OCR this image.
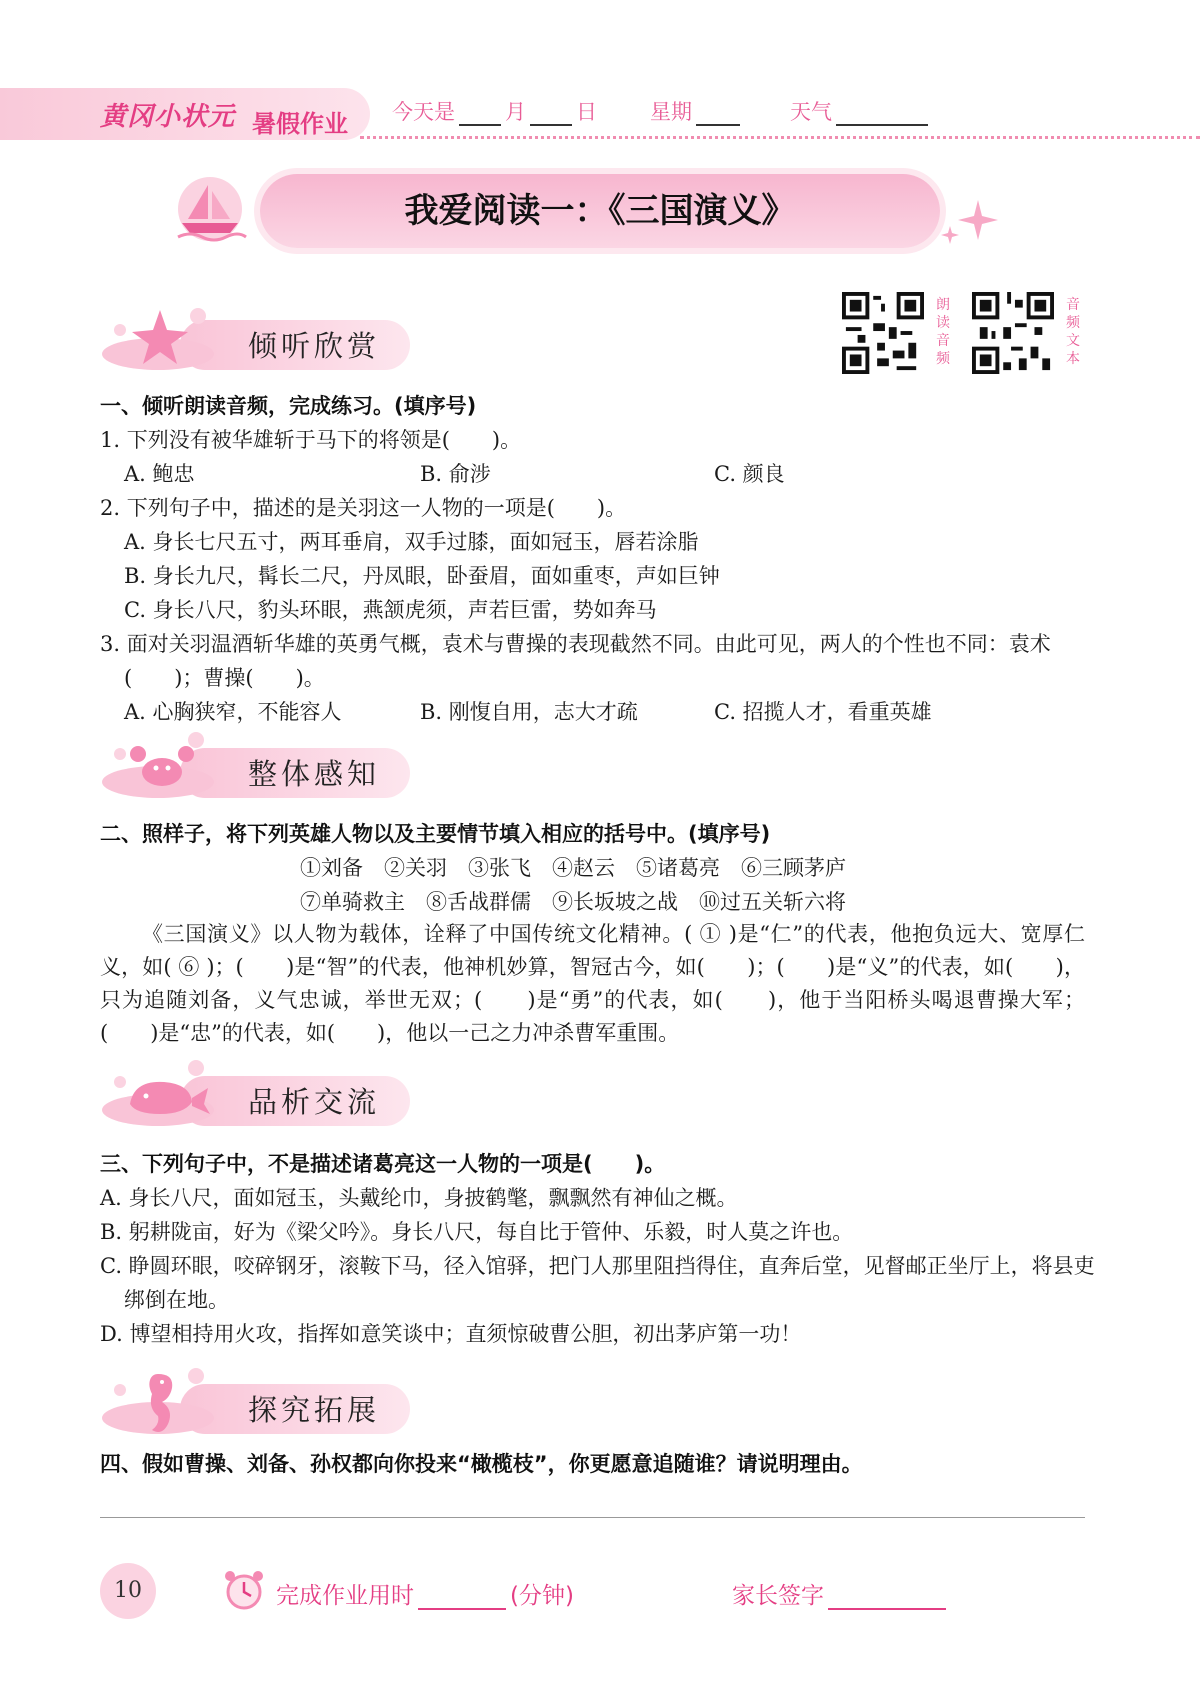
黄冈小状元 暑假作业 今天是 月 日	星期	天气
我爱阅读一：《三国演义》
朗读音频
音频文本
倾听欣赏
一、倾听朗读音频，完成练习。(填序号)
1. 下列没有被华雄斩于马下的将领是(　　)。
A. 鲍忠	B. 俞涉	C. 颜良
2. 下列句子中，描述的是关羽这一人物的一项是(　　)。
A. 身长七尺五寸，两耳垂肩，双手过膝，面如冠玉，唇若涂脂
B. 身长九尺，髯长二尺，丹凤眼，卧蚕眉，面如重枣，声如巨钟
C. 身长八尺，豹头环眼，燕颔虎须，声若巨雷，势如奔马
3. 面对关羽温酒斩华雄的英勇气概，袁术与曹操的表现截然不同。由此可见，两人的个性也不同：袁术
(　　)；曹操(　　)。
A. 心胸狭窄，不能容人	B. 刚愎自用，志大才疏	C. 招揽人才，看重英雄
整体感知
二、照样子，将下列英雄人物以及主要情节填入相应的括号中。(填序号)
①刘备　②关羽　③张飞　④赵云　⑤诸葛亮　⑥三顾茅庐
⑦单骑救主　⑧舌战群儒　⑨长坂坡之战　⑩过五关斩六将
《三国演义》以人物为载体，诠释了中国传统文化精神。( ① )是“仁”的代表，他抱负远大、宽厚仁义，如( ⑥ )；(　　)是“智”的代表，他神机妙算，智冠古今，如(　　)；(　　)是“义”的代表，如(　　)，只为追随刘备，义气忠诚，举世无双；(　　)是“勇”的代表，如(　　)，他于当阳桥头喝退曹操大军；(　　)是“忠”的代表，如(　　)，他以一己之力冲杀曹军重围。
品析交流
三、下列句子中，不是描述诸葛亮这一人物的一项是(　　)。
A. 身长八尺，面如冠玉，头戴纶巾，身披鹤氅，飘飘然有神仙之概。
B. 躬耕陇亩，好为《梁父吟》。身长八尺，每自比于管仲、乐毅，时人莫之许也。
C. 睁圆环眼，咬碎钢牙，滚鞍下马，径入馆驿，把门人那里阻挡得住，直奔后堂，见督邮正坐厅上，将县吏
绑倒在地。
D. 博望相持用火攻，指挥如意笑谈中；直须惊破曹公胆，初出茅庐第一功！
探究拓展
四、假如曹操、刘备、孙权都向你投来“橄榄枝”，你更愿意追随谁？请说明理由。
10	完成作业用时	(分钟)	家长签字
